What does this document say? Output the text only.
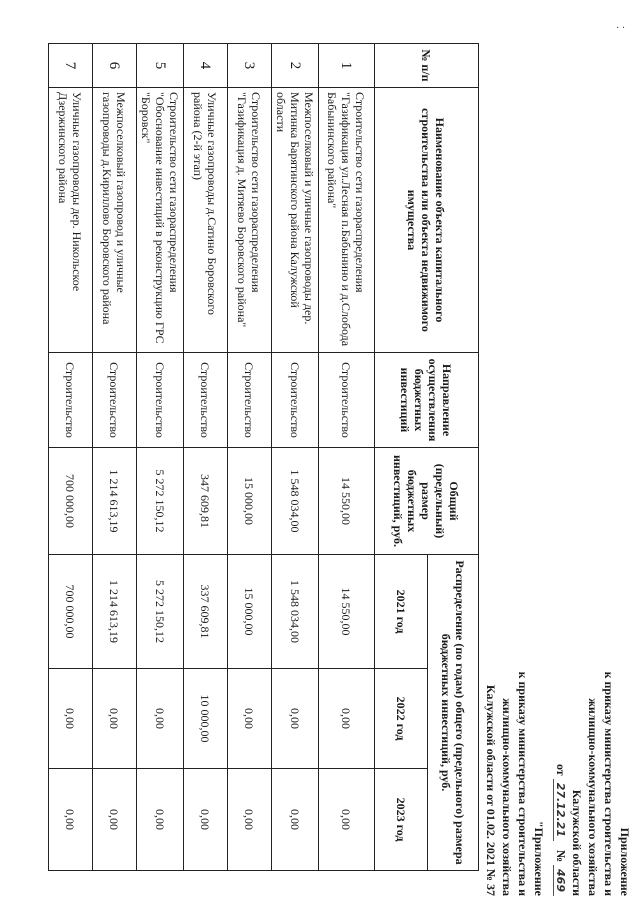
· ·
Приложение
к приказу министерства строительства и
жилищно-коммунального хозяйства
Калужской области
от 27.12.21   № 469
"Приложение
к приказу министерства строительства и
жилищно-коммунального хозяйства
Калужской области от 01.02. 2021 № 37
№ п/п	Наименование объекта капитального строительства или объекта недвижимого имущества	Направление осуществления бюджетных инвестиций	Общий (предельный) размер бюджетных инвестиций, руб.	Распределение (по годам) общего (предельного) размера бюджетных инвестиций, руб.		
				2021 год	2022 год	2023 год
1	Строительство сети газораспределения "Газификация ул.Лесная п.Бабынино и д.Слобода Бабынинского района"	Строительство	14 550,00	14 550,00	0,00	0,00
2	Межпоселковый и уличные газопроводы дер. Митинка Барятинского района Калужской области	Строительство	1 548 034,00	1 548 034,00	0,00	0,00
3	Строительство сети газораспределения "Газификация д. Митяево Боровского района"	Строительство	15 000,00	15 000,00	0,00	0,00
4	Уличные газопроводы д.Сатино Боровского района (2-й этап)	Строительство	347 609,81	337 609,81	10 000,00	0,00
5	Строительство сети газораспределения "Обоснование инвестиций в реконструкцию ГРС "Боровск"	Строительство	5 272 150,12	5 272 150,12	0,00	0,00
6	Межпоселковый газопровод и уличные газопроводы д.Кириллово Боровского района	Строительство	1 214 613,19	1 214 613,19	0,00	0,00
7	Уличные газопроводы дер. Никольское Дзержинского района	Строительство	700 000,00	700 000,00	0,00	0,00
